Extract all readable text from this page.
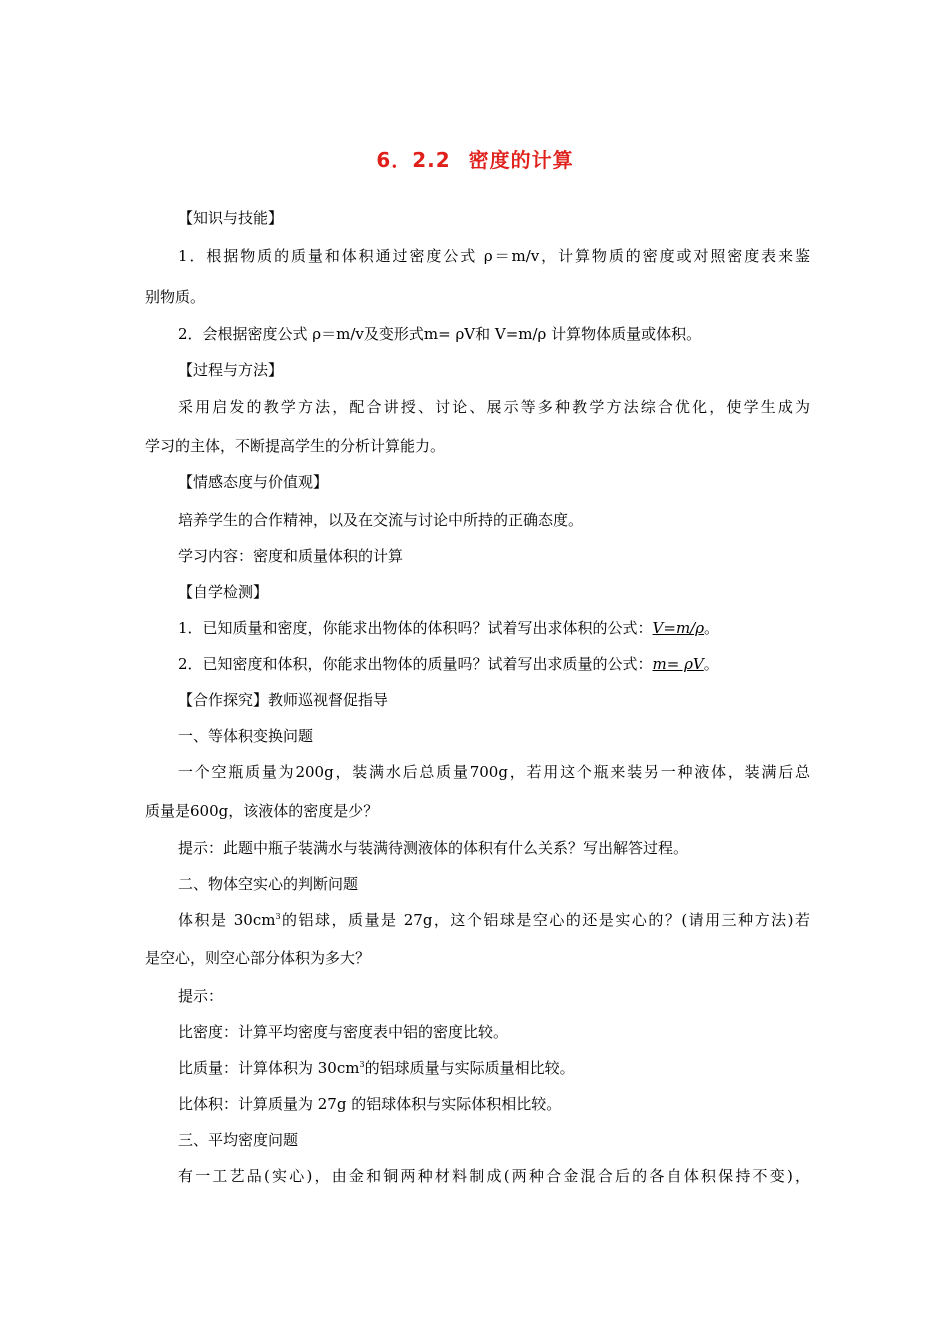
6．2.2 密度的计算
【知识与技能】
1．根据物质的质量和体积通过密度公式 ρ＝m/v，计算物质的密度或对照密度表来鉴
别物质。
2．会根据密度公式 ρ＝m/v及变形式m= ρV和 V=m/ρ 计算物体质量或体积。
【过程与方法】
采用启发的教学方法，配合讲授、讨论、展示等多种教学方法综合优化，使学生成为
学习的主体，不断提高学生的分析计算能力。
【情感态度与价值观】
培养学生的合作精神，以及在交流与讨论中所持的正确态度。
学习内容：密度和质量体积的计算
【自学检测】
1．已知质量和密度，你能求出物体的体积吗？试着写出求体积的公式：V=m/ρ。
2．已知密度和体积，你能求出物体的质量吗？试着写出求质量的公式：m= ρV。
【合作探究】教师巡视督促指导
一、等体积变换问题
一个空瓶质量为200g，装满水后总质量700g，若用这个瓶来装另一种液体，装满后总
质量是600g，该液体的密度是少？
提示：此题中瓶子装满水与装满待测液体的体积有什么关系？写出解答过程。
二、物体空实心的判断问题
体积是 $30cm^3$的铝球，质量是 27g，这个铝球是空心的还是实心的？(请用三种方法)若
是空心，则空心部分体积为多大？
提示：
比密度：计算平均密度与密度表中铝的密度比较。
比质量：计算体积为 $30cm^3$的铝球质量与实际质量相比较。
比体积：计算质量为 27g 的铝球体积与实际体积相比较。
三、平均密度问题
有一工艺品(实心)，由金和铜两种材料制成(两种合金混合后的各自体积保持不变)，
